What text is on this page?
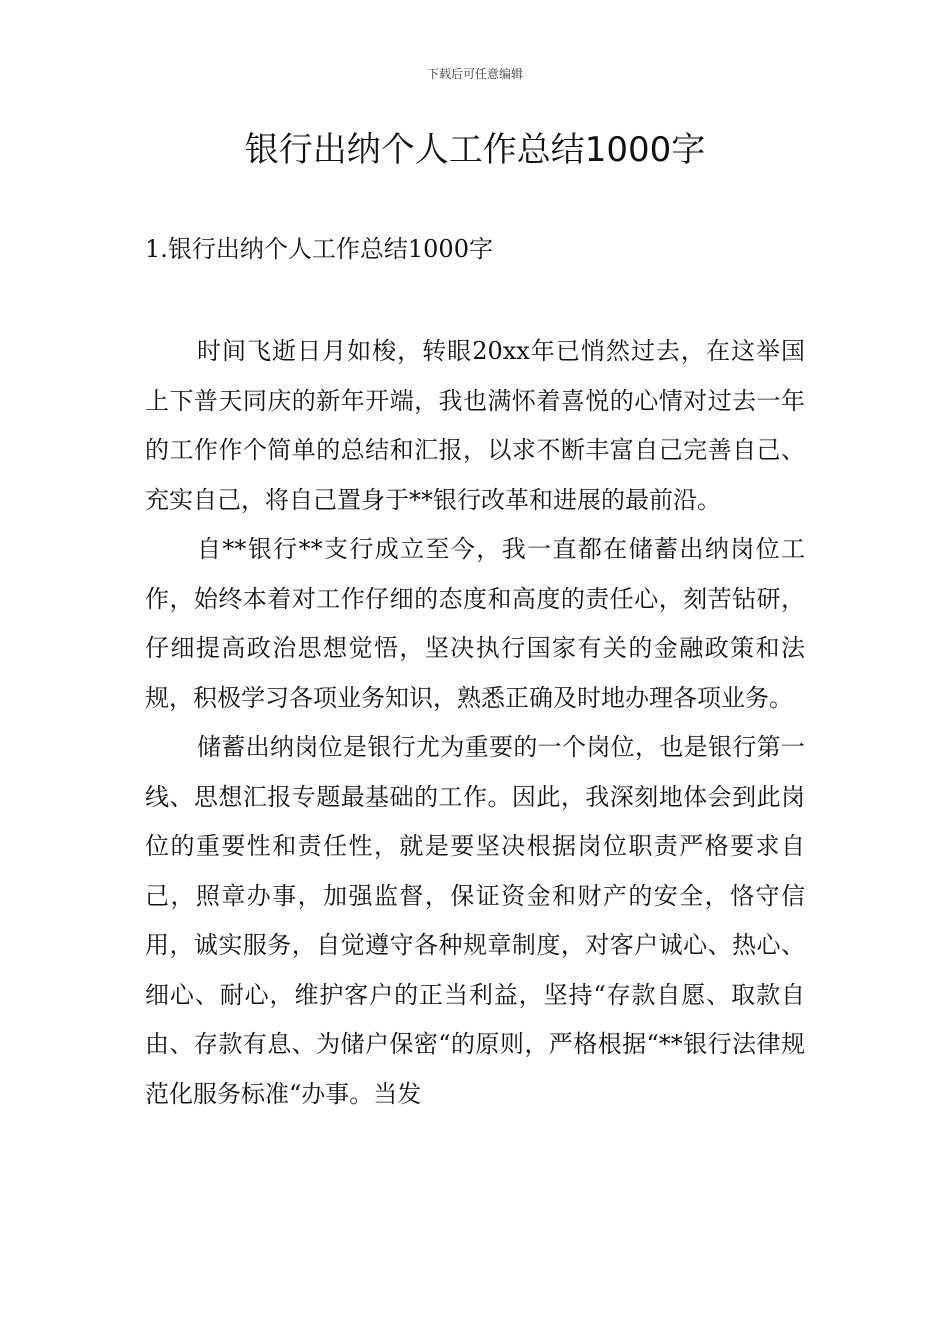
下载后可任意编辑
银行出纳个人工作总结1000字
1.银行出纳个人工作总结1000字

时间飞逝日月如梭，转眼20xx年已悄然过去，在这举国上下普天同庆的新年开端，我也满怀着喜悦的心情对过去一年的工作作个简单的总结和汇报，以求不断丰富自己完善自己、充实自己，将自己置身于**银行改革和进展的最前沿。

自**银行**支行成立至今，我一直都在储蓄出纳岗位工作，始终本着对工作仔细的态度和高度的责任心，刻苦钻研，仔细提高政治思想觉悟，坚决执行国家有关的金融政策和法规，积极学习各项业务知识，熟悉正确及时地办理各项业务。

储蓄出纳岗位是银行尤为重要的一个岗位，也是银行第一线、思想汇报专题最基础的工作。因此，我深刻地体会到此岗位的重要性和责任性，就是要坚决根据岗位职责严格要求自己，照章办事，加强监督，保证资金和财产的安全，恪守信用，诚实服务，自觉遵守各种规章制度，对客户诚心、热心、细心、耐心，维护客户的正当利益，坚持“存款自愿、取款自由、存款有息、为储户保密“的原则，严格根据“**银行法律规范化服务标准“办事。当发
